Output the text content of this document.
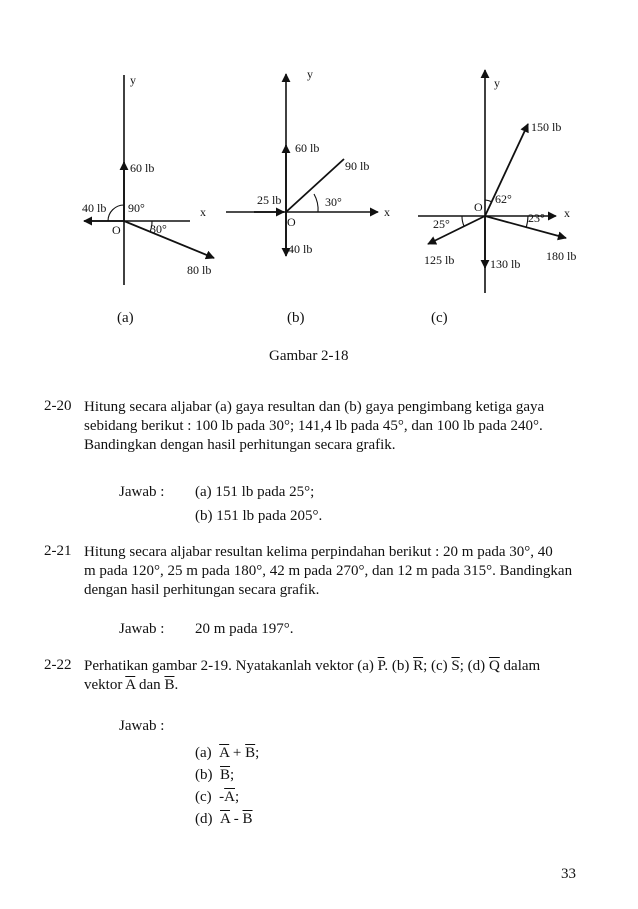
y
x
O
60 lb
40 lb
80 lb
90°
30°
y
x
O
60 lb
90 lb
25 lb
40 lb
30°
y
x
O
150 lb
125 lb	130 lb
180 lb
62°
25°	23°
(a)	(b)	(c)
Gambar 2-18
2-20 Hitung secara aljabar (a) gaya resultan dan (b) gaya pengimbang ketiga gaya
sebidang berikut : 100 lb pada 30°; 141,4 lb pada 45°, dan 100 lb pada 240°.
Bandingkan dengan hasil perhitungan secara grafik.
Jawab : (a) 151 lb pada 25°;
(b) 151 lb pada 205°.
2-21 Hitung secara aljabar resultan kelima perpindahan berikut : 20 m pada 30°, 40
m pada 120°, 25 m pada 180°, 42 m pada 270°, dan 12 m pada 315°. Bandingkan
dengan hasil perhitungan secara grafik.
Jawab : 20 m pada 197°.
2-22 Perhatikan gambar 2-19. Nyatakanlah vektor (a) $\overline{P}$. (b) $\overline{R}$; (c) $\overline{S}$; (d) $\overline{Q}$ dalam
vektor $\overline{A}$ dan $\overline{B}$.
Jawab :
(a) $\overline{A} + \overline{B}$;
(b) $\overline{B}$;
(c) $-\overline{A}$;
(d) $\overline{A} - \overline{B}$
33
